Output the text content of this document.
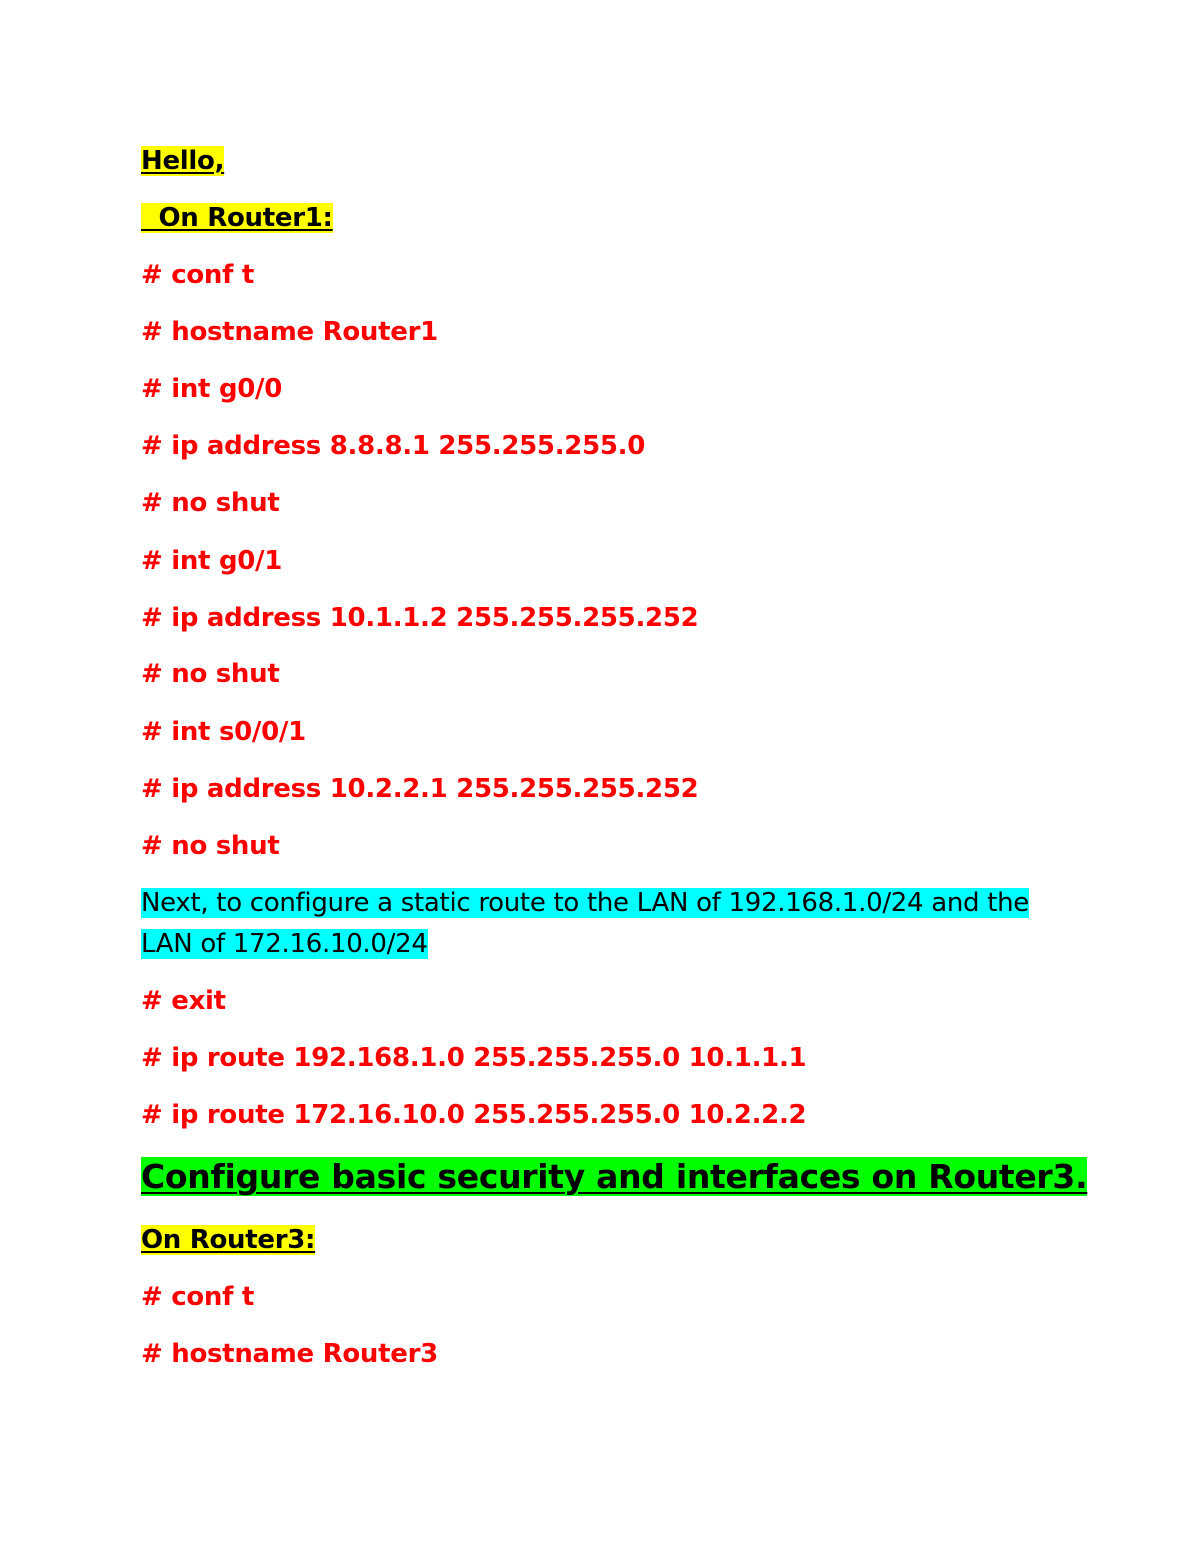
Hello,
On Router1:
# conf t
# hostname Router1
# int g0/0
# ip address 8.8.8.1 255.255.255.0
# no shut
# int g0/1
# ip address 10.1.1.2 255.255.255.252
# no shut
# int s0/0/1
# ip address 10.2.2.1 255.255.255.252
# no shut
Next, to configure a static route to the LAN of 192.168.1.0/24 and the LAN of 172.16.10.0/24
# exit
# ip route 192.168.1.0 255.255.255.0 10.1.1.1
# ip route 172.16.10.0 255.255.255.0 10.2.2.2
Configure basic security and interfaces on Router3.
On Router3:
# conf t
# hostname Router3
